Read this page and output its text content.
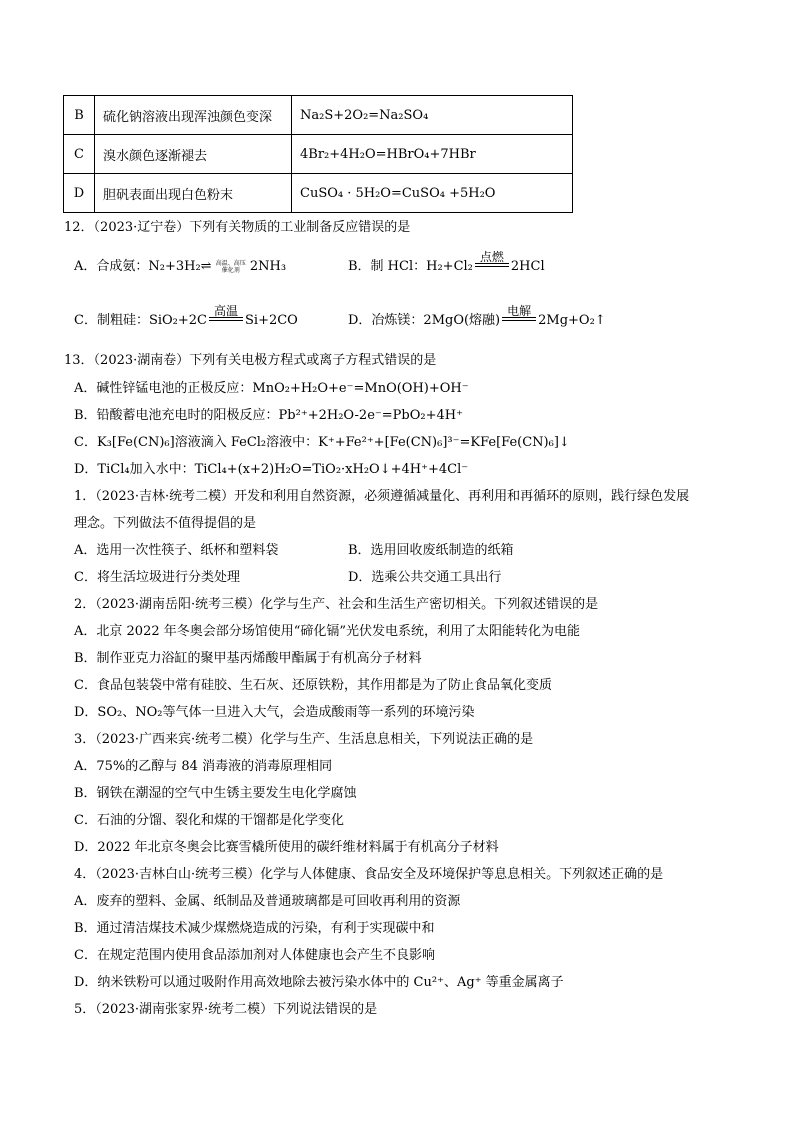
B	硫化钠溶液出现浑浊颜色变深	Na₂S+2O₂=Na₂SO₄
C	溴水颜色逐渐褪去	4Br₂+4H₂O=HBrO₄+7HBr
D	胆矾表面出现白色粉末	CuSO₄ · 5H₂O=CuSO₄ +5H₂O
12．（2023·辽宁卷）下列有关物质的工业制备反应错误的是
A．合成氨：N₂+3H₂⇌ 高温、高压
催化剂 2NH₃	B．制 HCl：H₂+Cl₂
点燃
2HCl
C．制粗硅：SiO₂+2C
高温
Si+2CO	D．冶炼镁：2MgO(熔融)
电解
2Mg+O₂↑
13．（2023·湖南卷）下列有关电极方程式或离子方程式错误的是
A．碱性锌锰电池的正极反应：MnO₂+H₂O+e⁻=MnO(OH)+OH⁻
B．铅酸蓄电池充电时的阳极反应：Pb²⁺+2H₂O-2e⁻=PbO₂+4H⁺
C．K₃[Fe(CN)₆]溶液滴入 FeCl₂溶液中：K⁺+Fe²⁺+[Fe(CN)₆]³⁻=KFe[Fe(CN)₆]↓
D．TiCl₄加入水中：TiCl₄+(x+2)H₂O=TiO₂·xH₂O↓+4H⁺+4Cl⁻
1．（2023·吉林·统考二模）开发和利用自然资源，必须遵循减量化、再利用和再循环的原则，践行绿色发展
理念。下列做法不值得提倡的是
A．选用一次性筷子、纸杯和塑料袋	B．选用回收废纸制造的纸箱
C．将生活垃圾进行分类处理	D．选乘公共交通工具出行
2．（2023·湖南岳阳·统考三模）化学与生产、社会和生活生产密切相关。下列叙述错误的是
A．北京 2022 年冬奥会部分场馆使用“碲化镉”光伏发电系统，利用了太阳能转化为电能
B．制作亚克力浴缸的聚甲基丙烯酸甲酯属于有机高分子材料
C．食品包装袋中常有硅胶、生石灰、还原铁粉，其作用都是为了防止食品氧化变质
D．SO₂、NO₂等气体一旦进入大气，会造成酸雨等一系列的环境污染
3．（2023·广西来宾·统考二模）化学与生产、生活息息相关，下列说法正确的是
A．75%的乙醇与 84 消毒液的消毒原理相同
B．钢铁在潮湿的空气中生锈主要发生电化学腐蚀
C．石油的分馏、裂化和煤的干馏都是化学变化
D．2022 年北京冬奥会比赛雪橇所使用的碳纤维材料属于有机高分子材料
4．（2023·吉林白山·统考三模）化学与人体健康、食品安全及环境保护等息息相关。下列叙述正确的是
A．废弃的塑料、金属、纸制品及普通玻璃都是可回收再利用的资源
B．通过清洁煤技术减少煤燃烧造成的污染，有利于实现碳中和
C．在规定范围内使用食品添加剂对人体健康也会产生不良影响
D．纳米铁粉可以通过吸附作用高效地除去被污染水体中的 Cu²⁺、Ag⁺ 等重金属离子
5．（2023·湖南张家界·统考二模）下列说法错误的是
